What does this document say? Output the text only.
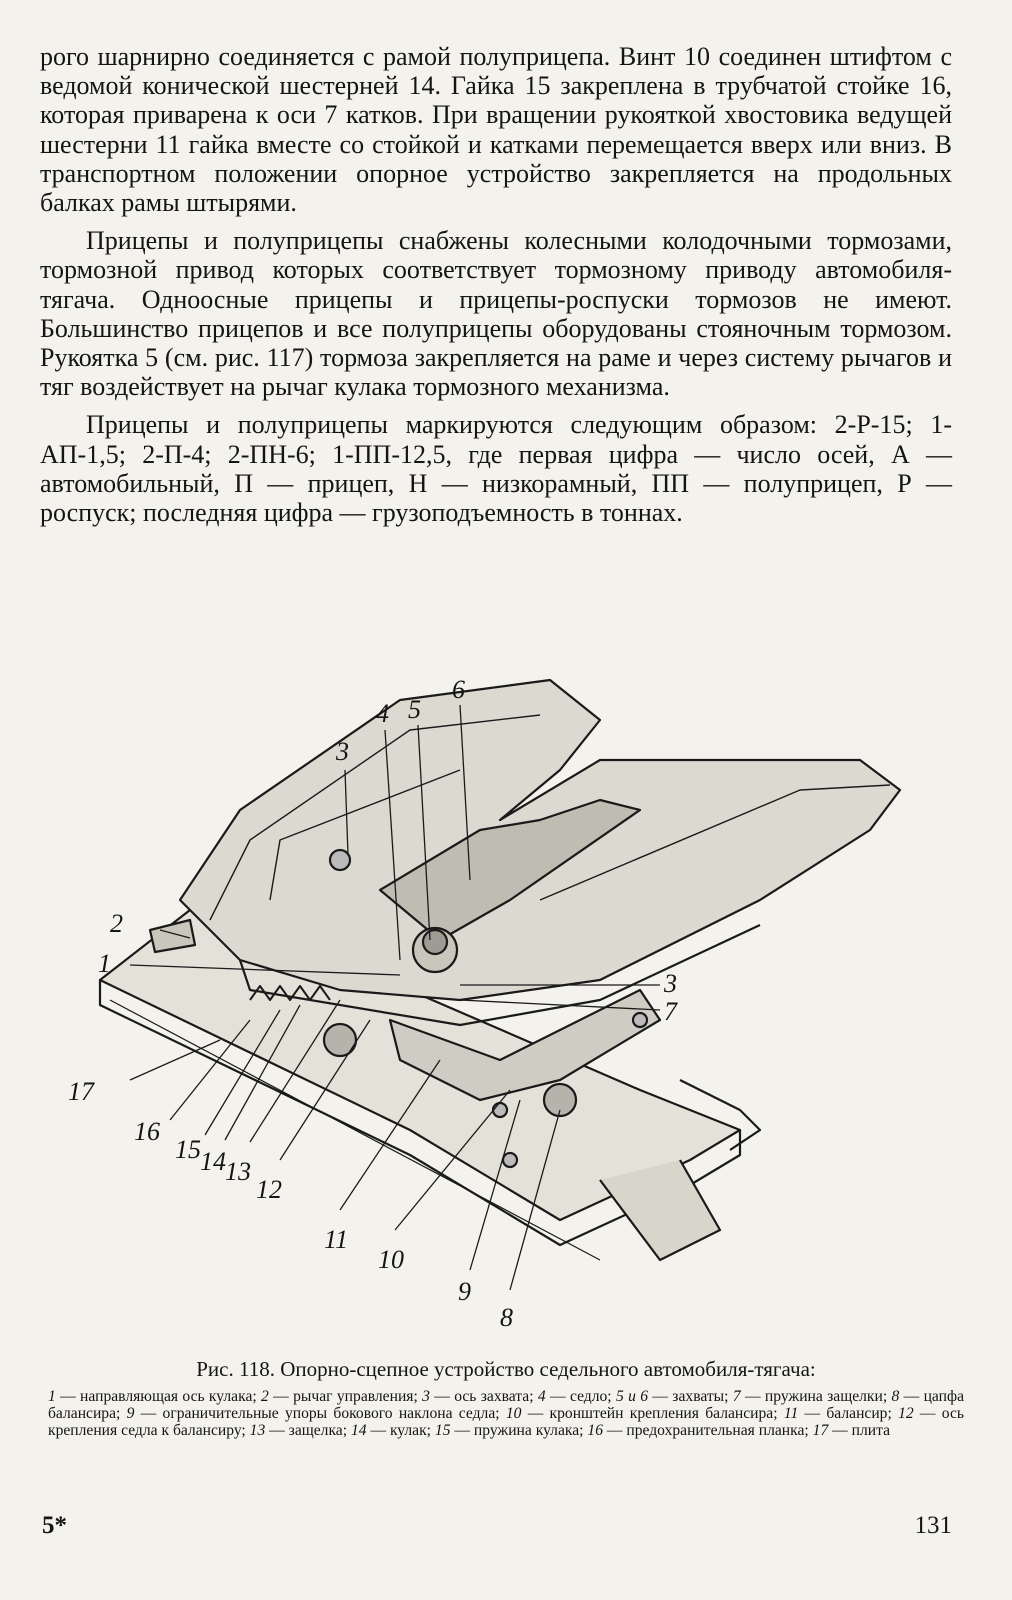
рого шарнирно соединяется с рамой полуприцепа. Винт 10 соединен штифтом с ведомой конической шестерней 14. Гайка 15 закреплена в трубчатой стойке 16, которая приварена к оси 7 катков. При вращении рукояткой хвостовика ведущей шестерни 11 гайка вместе со стойкой и катками перемещается вверх или вниз. В транспортном положении опорное устройство закрепляется на продольных балках рамы штырями.

Прицепы и полуприцепы снабжены колесными колодочными тормозами, тормозной привод которых соответствует тормозному приводу автомобиля-тягача. Одноосные прицепы и прицепы-роспуски тормозов не имеют. Большинство прицепов и все полуприцепы оборудованы стояночным тормозом. Рукоятка 5 (см. рис. 117) тормоза закрепляется на раме и через систему рычагов и тяг воздействует на рычаг кулака тормозного механизма.

Прицепы и полуприцепы маркируются следующим образом: 2-Р-15; 1-АП-1,5; 2-П-4; 2-ПН-6; 1-ПП-12,5, где первая цифра — число осей, А — автомобильный, П — прицеп, Н — низкорамный, ПП — полуприцеп, Р — роспуск; последняя цифра — грузоподъемность в тоннах.

1
2
3
4 5
6
3
7
17
16
15 14 13
12
11
10
9
8
Рис. 118. Опорно-сцепное устройство седельного автомобиля-тягача:
1 — направляющая ось кулака; 2 — рычаг управления; 3 — ось захвата; 4 — седло; 5 и 6 — захваты; 7 — пружина защелки; 8 — цапфа балансира; 9 — ограничительные упоры бокового наклона седла; 10 — кронштейн крепления балансира; 11 — балансир; 12 — ось крепления седла к балансиру; 13 — защелка; 14 — кулак; 15 — пружина кулака; 16 — предохранительная планка; 17 — плита
5*	131
